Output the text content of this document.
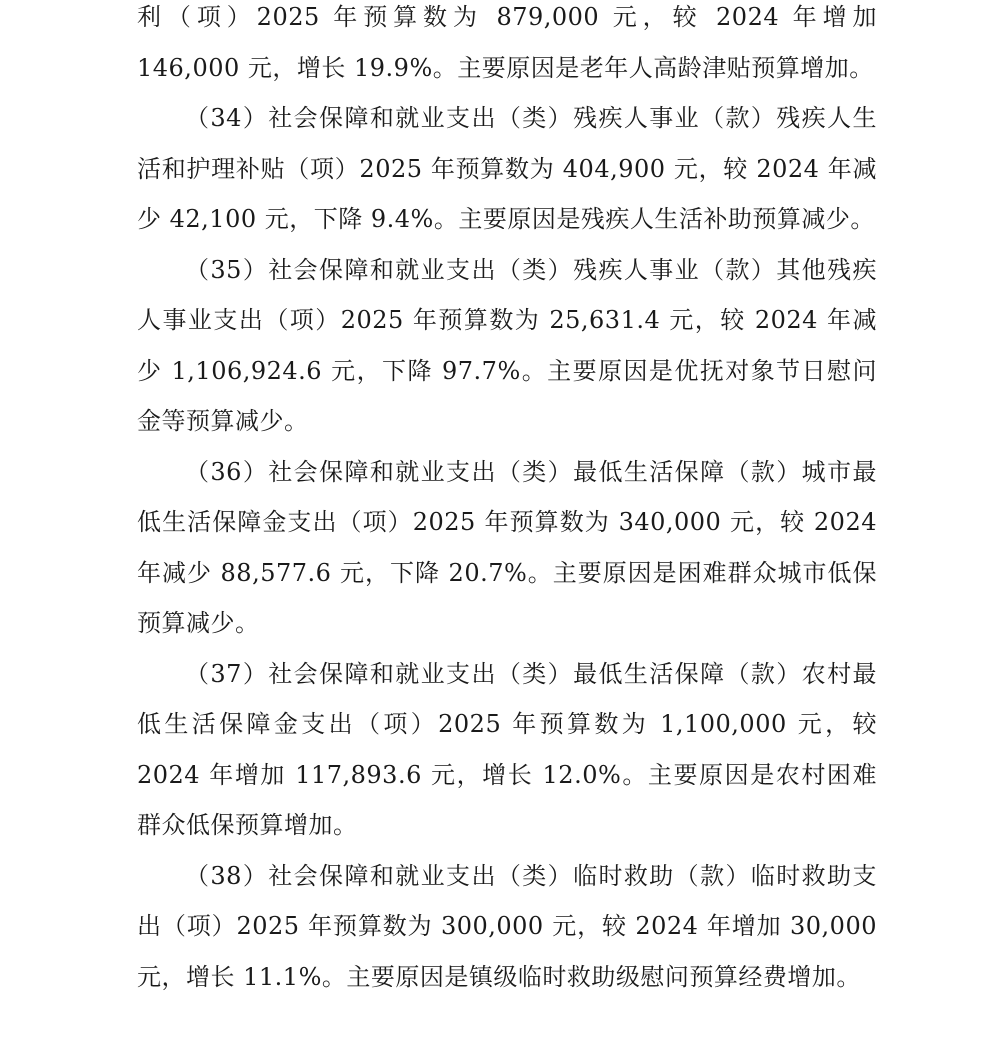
利（项）2025 年预算数为 879,000 元，较 2024 年增加 146,000 元，增长 19.9%。主要原因是老年人高龄津贴预算增加。

（34）社会保障和就业支出（类）残疾人事业（款）残疾人生活和护理补贴（项）2025 年预算数为 404,900 元，较 2024 年减少 42,100 元，下降 9.4%。主要原因是残疾人生活补助预算减少。

（35）社会保障和就业支出（类）残疾人事业（款）其他残疾人事业支出（项）2025 年预算数为 25,631.4 元，较 2024 年减少 1,106,924.6 元，下降 97.7%。主要原因是优抚对象节日慰问金等预算减少。

（36）社会保障和就业支出（类）最低生活保障（款）城市最低生活保障金支出（项）2025 年预算数为 340,000 元，较 2024 年减少 88,577.6 元，下降 20.7%。主要原因是困难群众城市低保预算减少。

（37）社会保障和就业支出（类）最低生活保障（款）农村最低生活保障金支出（项）2025 年预算数为 1,100,000 元，较 2024 年增加 117,893.6 元，增长 12.0%。主要原因是农村困难群众低保预算增加。

（38）社会保障和就业支出（类）临时救助（款）临时救助支出（项）2025 年预算数为 300,000 元，较 2024 年增加 30,000 元，增长 11.1%。主要原因是镇级临时救助级慰问预算经费增加。
